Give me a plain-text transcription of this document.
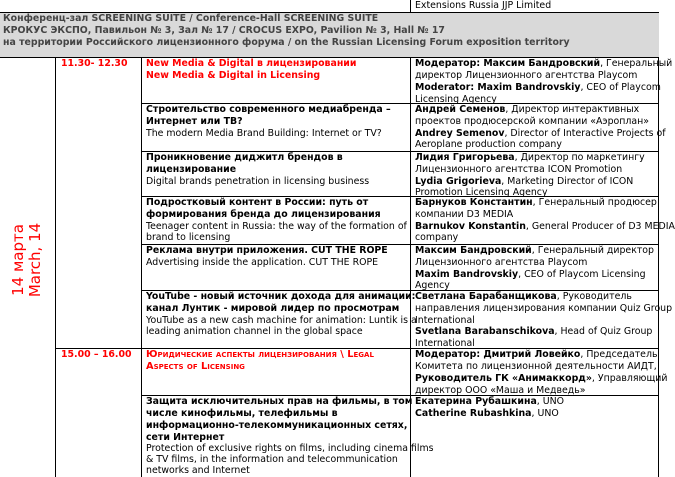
Extensions Russia JJP Limited
Конференц-зал SCREENING SUITE / Conference-Hall SCREENING SUITE
КРОКУС ЭКСПО, Павильон № 3, Зал № 17 / CROCUS EXPO, Pavilion № 3, Hall № 17
на территории Российского лицензионного форума / on the Russian Licensing Forum exposition territory
14 марта March, 14
11.30- 12.30 New Media & Digital в лицензировании
New Media & Digital in Licensing
Модератор: Максим Бандровский, Генеральный
директор Лицензионного агентства Playcom
Moderator: Maxim Bandrovskiy, CEO of Playcom
Licensing Agency
Строительство современного медиабренда –
Интернет или ТВ?
The modern Media Brand Building: Internet or TV?
Андрей Семенов, Директор интерактивных
проектов продюсерской компании «Аэроплан»
Andrey Semenov, Director of Interactive Projects of
Aeroplane production company
Проникновение диджитл брендов в
лицензирование
Digital brands penetration in licensing business
Лидия Григорьева, Директор по маркетингу
Лицензионного агентства ICON Promotion
Lydia Grigorieva, Marketing Director of ICON
Promotion Licensing Agency
Подростковый контент в России: путь от
формирования бренда до лицензирования
Teenager content in Russia: the way of the formation of
brand to licensing
Барнуков Константин, Генеральный продюсер
компании D3 MEDIA
Barnukov Konstantin, General Producer of D3 MEDIA
company
Реклама внутри приложения. CUT THE ROPE
Advertising inside the application. CUT THE ROPE
Максим Бандровский, Генеральный директор
Лицензионного агентства Playcom
Maxim Bandrovskiy, CEO of Playcom Licensing
Agency
YouTube - новый источник дохода для анимации:
канал Лунтик - мировой лидер по просмотрам
YouTube as a new cash machine for animation: Luntik is a
leading animation channel in the global space
Светлана Барабанщикова, Руководитель
направления лицензирования компании Quiz Group
International
Svetlana Barabanschikova, Head of Quiz Group
International
15.00 – 16.00 Юридические аспекты лицензирования \ Legal
Aspects of Licensing
Модератор: Дмитрий Ловейко, Председатель
Комитета по лицензионной деятельности АИДТ,
Руководитель ГК «Анимаккорд», Управляющий
директор ООО «Маша и Медведь»
Защита исключительных прав на фильмы, в том
числе кинофильмы, телефильмы в
информационно-телекоммуникационных сетях,
сети Интернет
Protection of exclusive rights on films, including cinema films
& TV films, in the information and telecommunication
networks and Internet
Екатерина Рубашкина, UNO
Catherine Rubashkina, UNO
